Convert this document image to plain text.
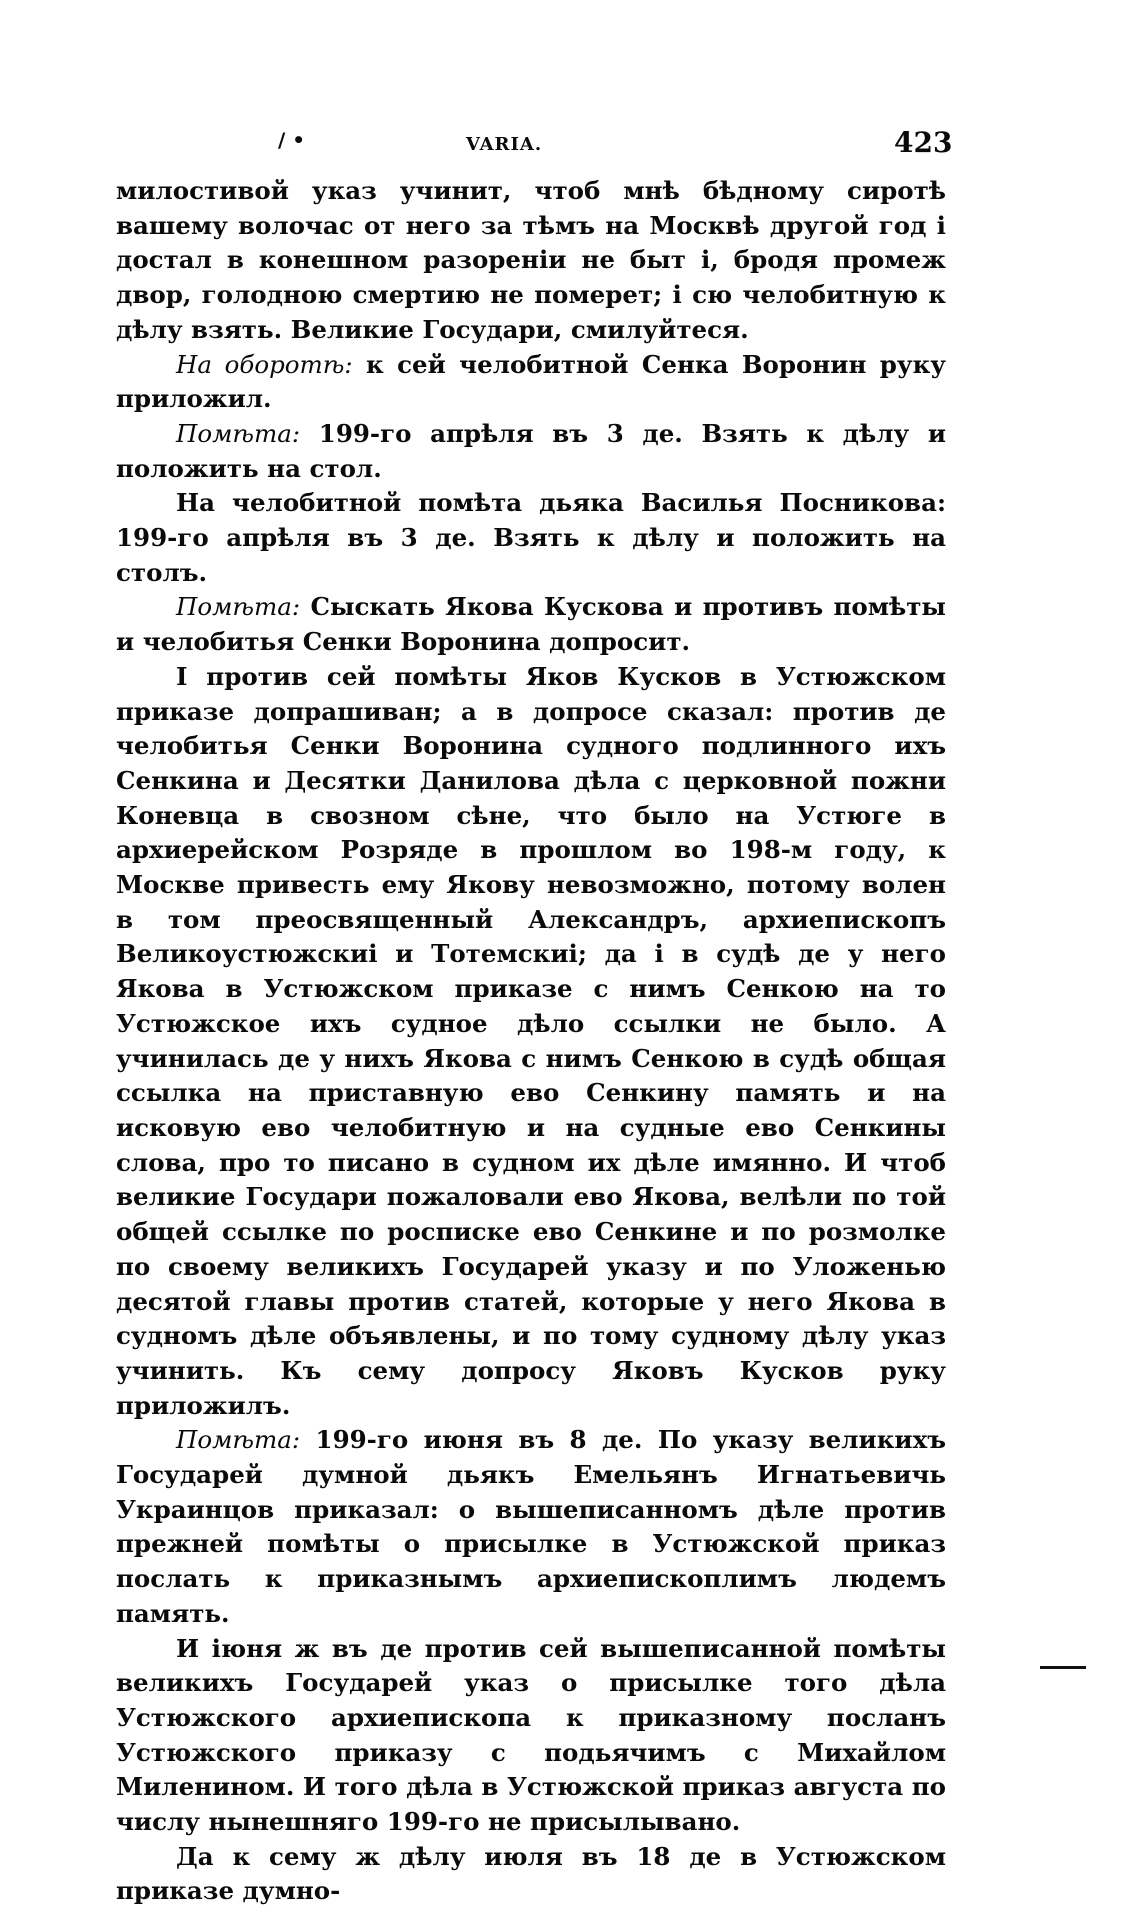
/ •	VARIA.	423

милостивой указ учинит, чтоб мнѣ бѣдному сиротѣ вашему волочас от него за тѣмъ на Москвѣ другой год і достал в конешном разореніи не быт і, бродя промеж двор, голодною смертию не померет; і сю челобитную к дѣлу взять. Великие Государи, смилуйтеся.

На оборотѣ: к сей челобитной Сенка Воронин руку приложил.

Помѣта: 199-го апрѣля въ 3 де. Взять к дѣлу и положить на стол.

На челобитной помѣта дьяка Василья Посникова: 199-го апрѣля въ 3 де. Взять к дѣлу и положить на столъ.

Помѣта: Сыскать Якова Кускова и противъ помѣты и челобитья Сенки Воронина допросит.

І против сей помѣты Яков Кусков в Устюжском приказе допрашиван; а в допросе сказал: против де челобитья Сенки Воронина судного подлинного ихъ Сенкина и Десятки Данилова дѣла с церковной пожни Коневца в свозном сѣне, что было на Устюге в архиерейском Розряде в прошлом во 198-м году, к Москве привесть ему Якову невозможно, потому волен в том преосвященный Александръ, архиепископъ Великоустюжскиі и Тотемскиі; да і в судѣ де у него Якова в Устюжском приказе с нимъ Сенкою на то Устюжское ихъ судное дѣло ссылки не было. А учинилась де у нихъ Якова с нимъ Сенкою в судѣ общая ссылка на приставную ево Сенкину память и на исковую ево челобитную и на судные ево Сенкины слова, про то писано в судном их дѣле имянно. И чтоб великие Государи пожаловали ево Якова, велѣли по той общей ссылке по росписке ево Сенкине и по розмолке по своему великихъ Государей указу и по Уложенью десятой главы против статей, которые у него Якова в судномъ дѣле объявлены, и по тому судному дѣлу указ учинить. Къ сему допросу Яковъ Кусков руку приложилъ.

Помѣта: 199-го июня въ 8 де. По указу великихъ Государей думной дьякъ Емельянъ Игнатьевичь Украинцов приказал: о вышеписанномъ дѣле против прежней помѣты о присылке в Устюжской приказ послать к приказнымъ архиепископлимъ людемъ память.

И іюня ж въ де против сей вышеписанной помѣты великихъ Государей указ о присылке того дѣла Устюжского архиепископа к приказному посланъ Устюжского приказу с подьячимъ с Михайлом Миленином. И того дѣла в Устюжской приказ августа по числу нынешняго 199-го не присылывано.

Да к сему ж дѣлу июля въ 18 де в Устюжском приказе думно-
